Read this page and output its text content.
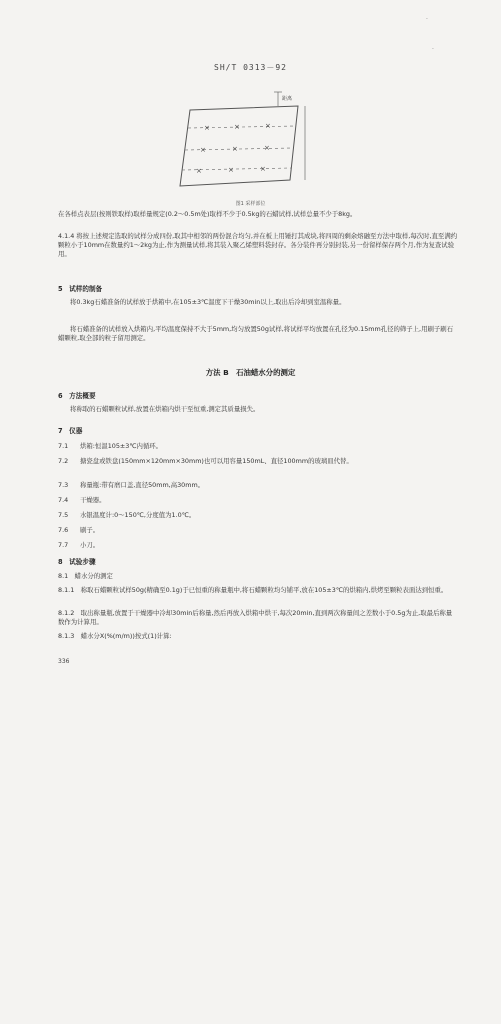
SH/T 0313－92
×	×	×
×	×	×
×	×	×
距离
图1 采样部位
在各样点表层(按则铁取样)取样量规定(0.2～0.5m处)取样不少于0.5kg的石蜡试样,试样总量不少于8kg。
4.1.4 将按上述规定选取的试样分成四份,取其中相邻的两份混合均匀,并在板上用锤打其成块,将四周的剩余熔融至方法中取样,每次时,直至满约颗粒小于10mm在数量约1～2kg为止,作为测量试样,将其装入聚乙烯塑料袋封存。各分装件再分别封装,另一份留样保存两个月,作为复查试验用。
5　试样的制备
将0.3kg石蜡准备的试样放于烘箱中,在105±3℃温度下干燥30min以上,取出后冷却到室温称量。
将石蜡准备的试样放入烘箱内,平均温度保持不大于5mm,均匀放置50g试样,将试样平均放置在孔径为0.15mm孔径的筛子上,用刷子刷石蜡颗粒,取全部的粒子留用测定。
方法 B　石油蜡水分的测定
6　方法概要
将称取的石蜡颗粒试样,放置在烘箱内烘干至恒重,测定其质量损失。
7　仪器
7.1 烘箱:恒温105±3℃内循环。
7.2 搪瓷盘或铁盘(150mm×120mm×30mm)也可以用容量150mL、直径100mm的玻璃皿代替。
7.3 称量瓶:带有磨口盖,直径50mm,高30mm。
7.4 干燥器。
7.5 水银温度计:0～150℃,分度值为1.0℃。
7.6 刷子。
7.7 小刀。
8　试验步骤
8.1　蜡水分的测定
8.1.1　称取石蜡颗粒试样50g(精确至0.1g)于已恒重的称量瓶中,将石蜡颗粒均匀铺平,放在105±3℃的烘箱内,烘烤至颗粒表面达到恒重。
8.1.2　取出称量瓶,放置于干燥器中冷却30min后称量,然后再放入烘箱中烘干,每次20min,直到两次称量间之差数小于0.5g为止,取最后称量数作为计算用。
8.1.3　蜡水分X(%(m/m))按式(1)计算:
336
·
·
